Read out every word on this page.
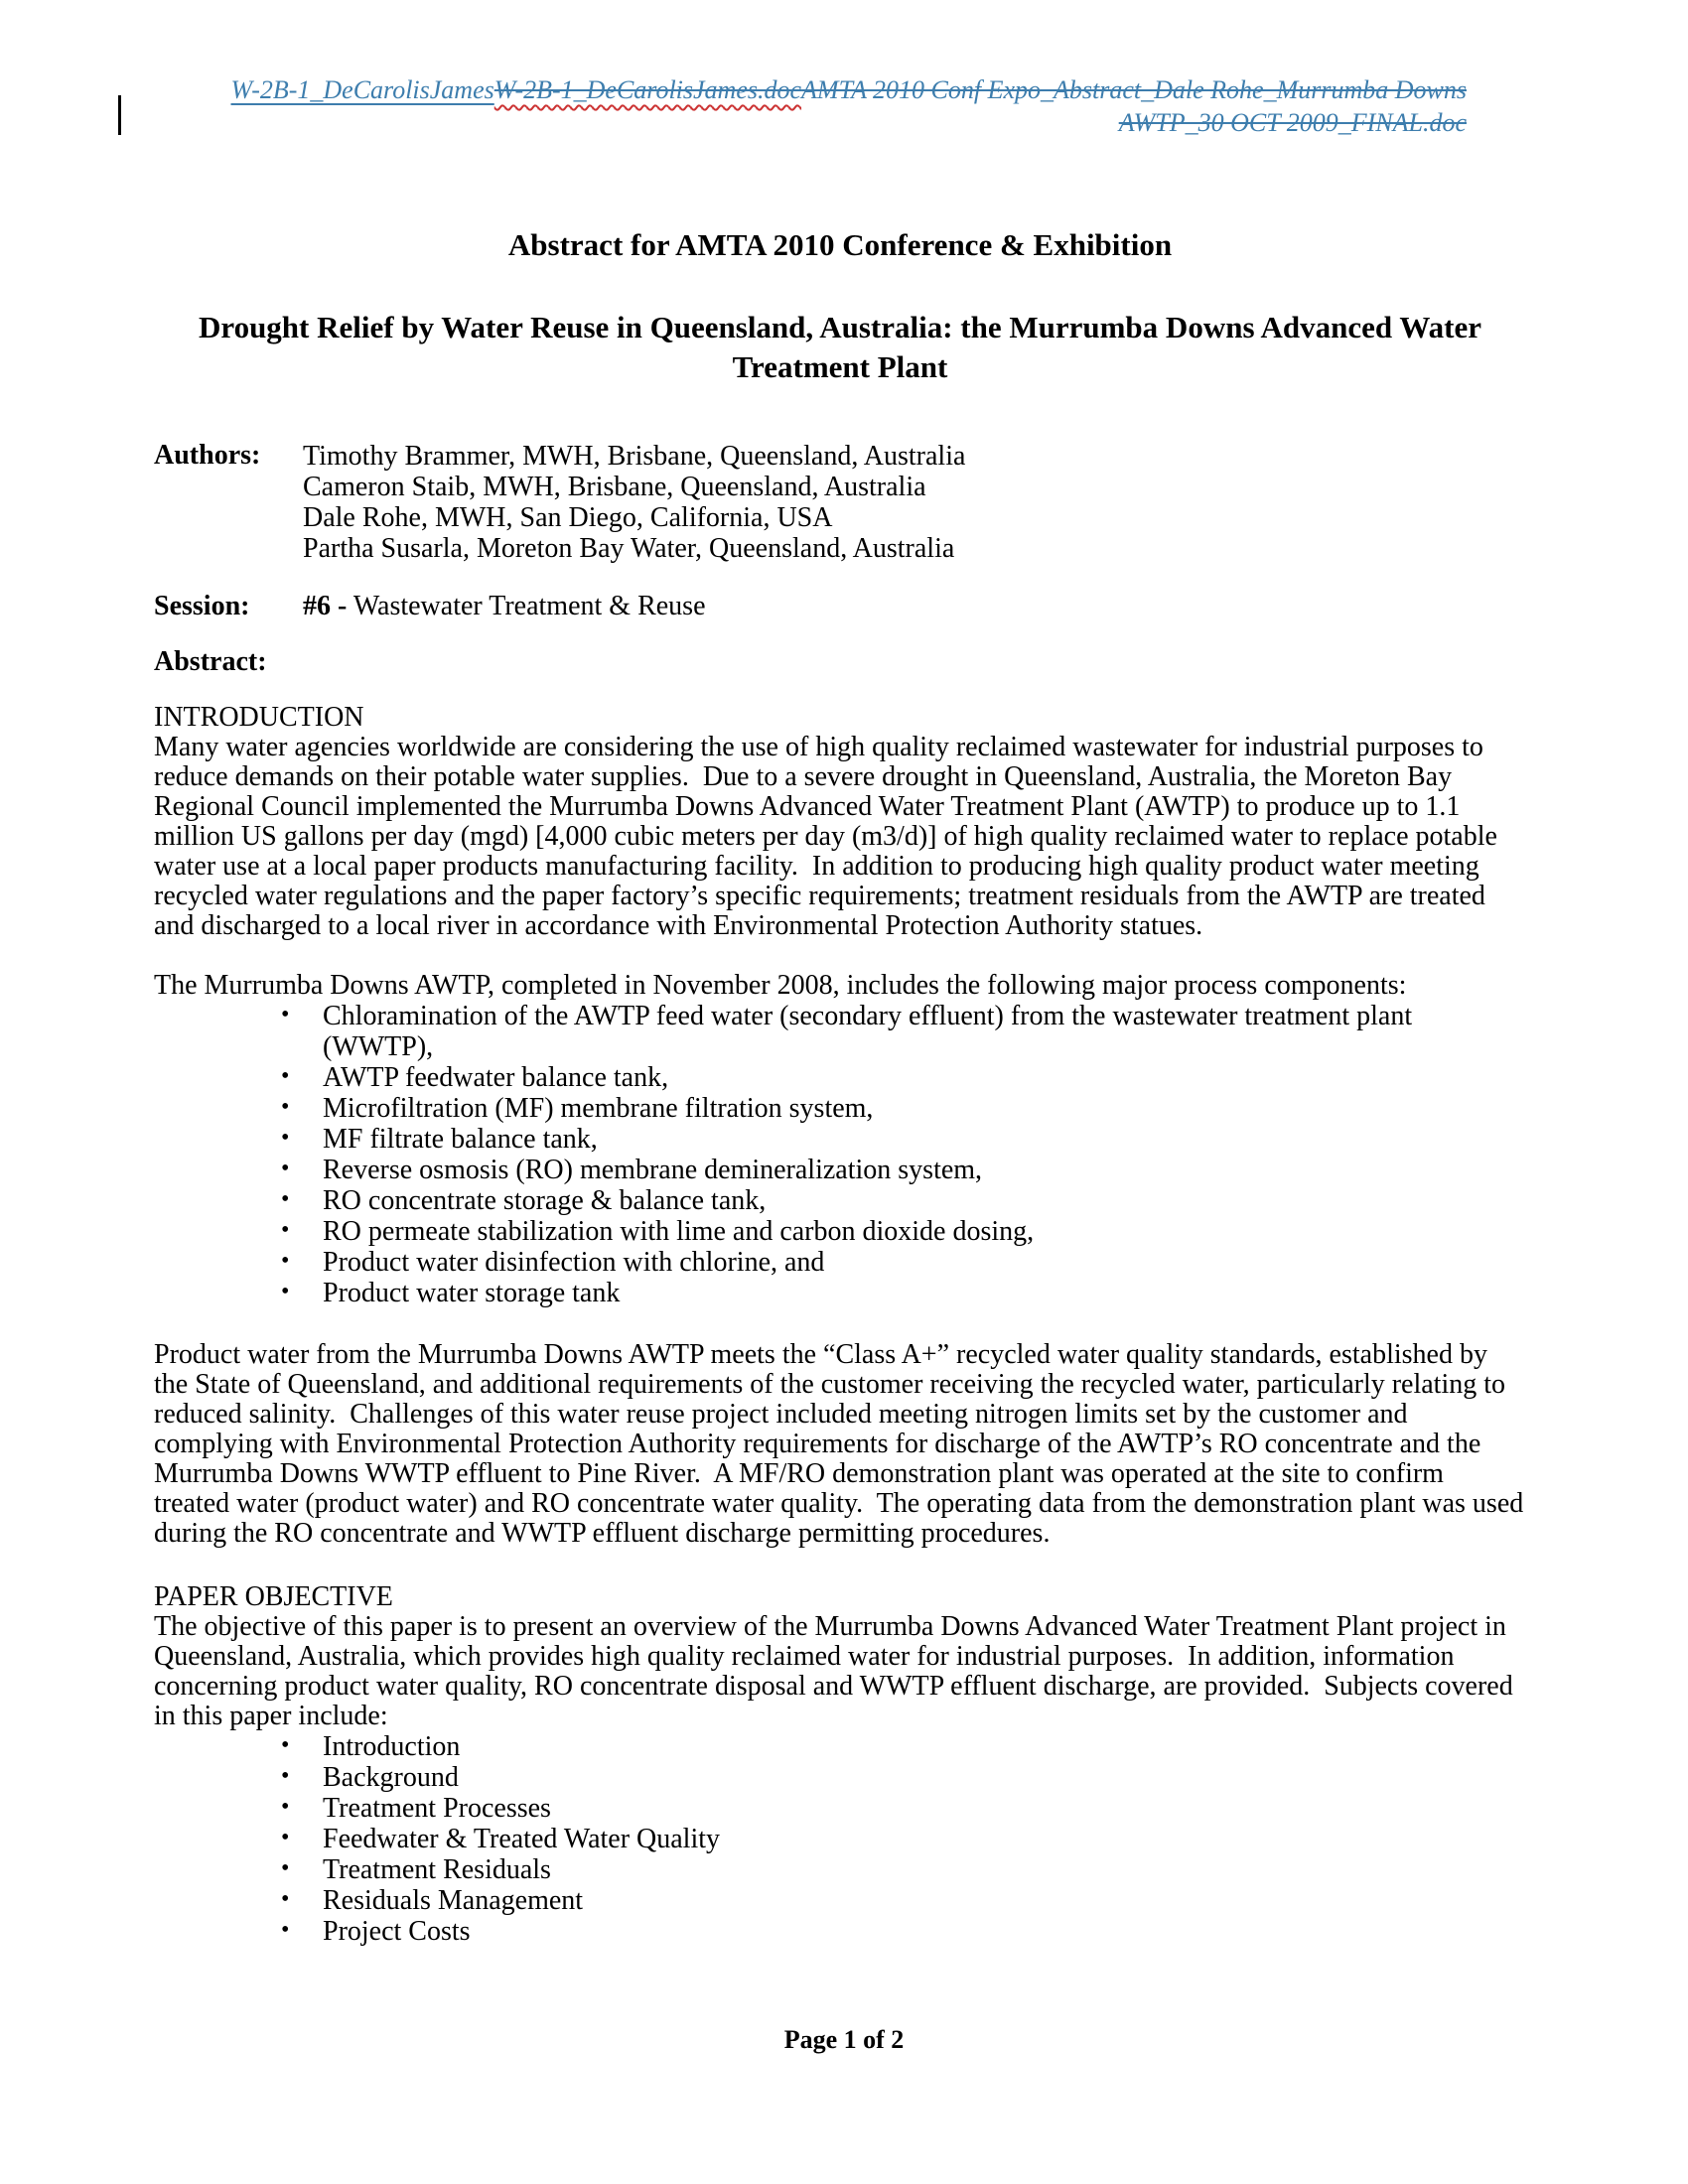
W-2B-1_DeCarolisJamesW-2B-1_DeCarolisJames.docAMTA 2010 Conf Expo_Abstract_Dale Rohe_Murrumba Downs AWTP_30 OCT 2009_FINAL.doc
Abstract for AMTA 2010 Conference & Exhibition
Drought Relief by Water Reuse in Queensland, Australia: the Murrumba Downs Advanced Water Treatment Plant
Authors:	Timothy Brammer, MWH, Brisbane, Queensland, Australia
Cameron Staib, MWH, Brisbane, Queensland, Australia
Dale Rohe, MWH, San Diego, California, USA
Partha Susarla, Moreton Bay Water, Queensland, Australia
Session:	#6 - Wastewater Treatment & Reuse
Abstract:

INTRODUCTION

Many water agencies worldwide are considering the use of high quality reclaimed wastewater for industrial purposes to reduce demands on their potable water supplies.  Due to a severe drought in Queensland, Australia, the Moreton Bay Regional Council implemented the Murrumba Downs Advanced Water Treatment Plant (AWTP) to produce up to 1.1 million US gallons per day (mgd) [4,000 cubic meters per day (m3/d)] of high quality reclaimed water to replace potable water use at a local paper products manufacturing facility.  In addition to producing high quality product water meeting recycled water regulations and the paper factory’s specific requirements; treatment residuals from the AWTP are treated and discharged to a local river in accordance with Environmental Protection Authority statues.

The Murrumba Downs AWTP, completed in November 2008, includes the following major process components:

• Chloramination of the AWTP feed water (secondary effluent) from the wastewater treatment plant (WWTP),
• AWTP feedwater balance tank,
• Microfiltration (MF) membrane filtration system,
• MF filtrate balance tank,
• Reverse osmosis (RO) membrane demineralization system,
• RO concentrate storage & balance tank,
• RO permeate stabilization with lime and carbon dioxide dosing,
• Product water disinfection with chlorine, and
• Product water storage tank

Product water from the Murrumba Downs AWTP meets the “Class A+” recycled water quality standards, established by the State of Queensland, and additional requirements of the customer receiving the recycled water, particularly relating to reduced salinity.  Challenges of this water reuse project included meeting nitrogen limits set by the customer and complying with Environmental Protection Authority requirements for discharge of the AWTP’s RO concentrate and the Murrumba Downs WWTP effluent to Pine River.  A MF/RO demonstration plant was operated at the site to confirm treated water (product water) and RO concentrate water quality.  The operating data from the demonstration plant was used during the RO concentrate and WWTP effluent discharge permitting procedures.

PAPER OBJECTIVE

The objective of this paper is to present an overview of the Murrumba Downs Advanced Water Treatment Plant project in Queensland, Australia, which provides high quality reclaimed water for industrial purposes.  In addition, information concerning product water quality, RO concentrate disposal and WWTP effluent discharge, are provided.  Subjects covered in this paper include:

• Introduction
• Background
• Treatment Processes
• Feedwater & Treated Water Quality
• Treatment Residuals
• Residuals Management
• Project Costs
Page 1 of 2
